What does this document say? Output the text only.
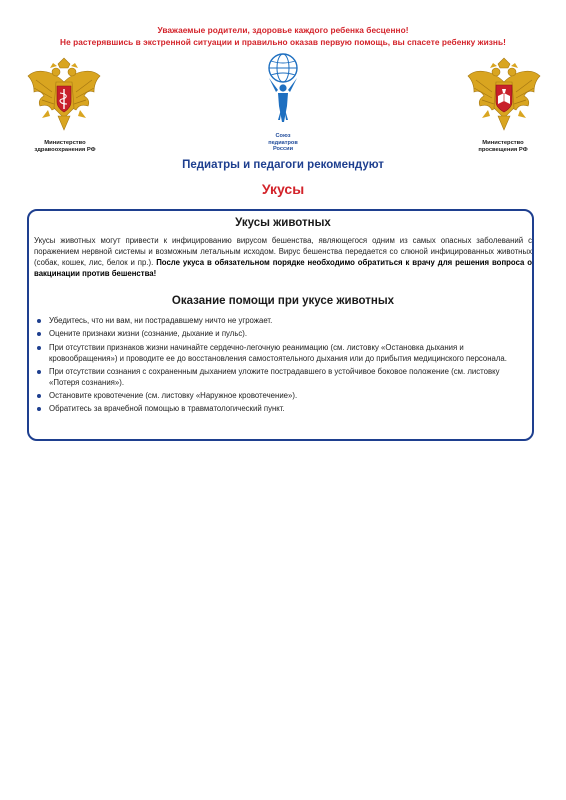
Уважаемые родители, здоровье каждого ребенка бесценно!
Не растерявшись в экстренной ситуации и правильно оказав первую помощь, вы спасете ребенку жизнь!
Министерство
здравоохранения РФ
Союз
педиатров
России
Министерство
просвещения РФ
Педиатры и педагоги рекомендуют
Укусы
Укусы животных
Укусы животных могут привести к инфицированию вирусом бешенства, являющегося одним из самых опасных заболеваний с поражением нервной системы и возможным летальным исходом. Вирус бешенства передается со слюной инфицированных животных (собак, кошек, лис, белок и пр.). После укуса в обязательном порядке необходимо обратиться к врачу для решения вопроса о вакцинации против бешенства!
Оказание помощи при укусе животных
Убедитесь, что ни вам, ни пострадавшему ничто не угрожает.
Оцените признаки жизни (сознание, дыхание и пульс).
При отсутствии признаков жизни начинайте сердечно-легочную реанимацию (см. листовку «Остановка дыхания и кровообращения») и проводите ее до восстановления самостоятельного дыхания или до прибытия медицинского персонала.
При отсутствии сознания с сохраненным дыханием уложите пострадавшего в устойчивое боковое положение (см. листовку «Потеря сознания»).
Остановите кровотечение (см. листовку «Наружное кровотечение»).
Обратитесь за врачебной помощью в травматологический пункт.
